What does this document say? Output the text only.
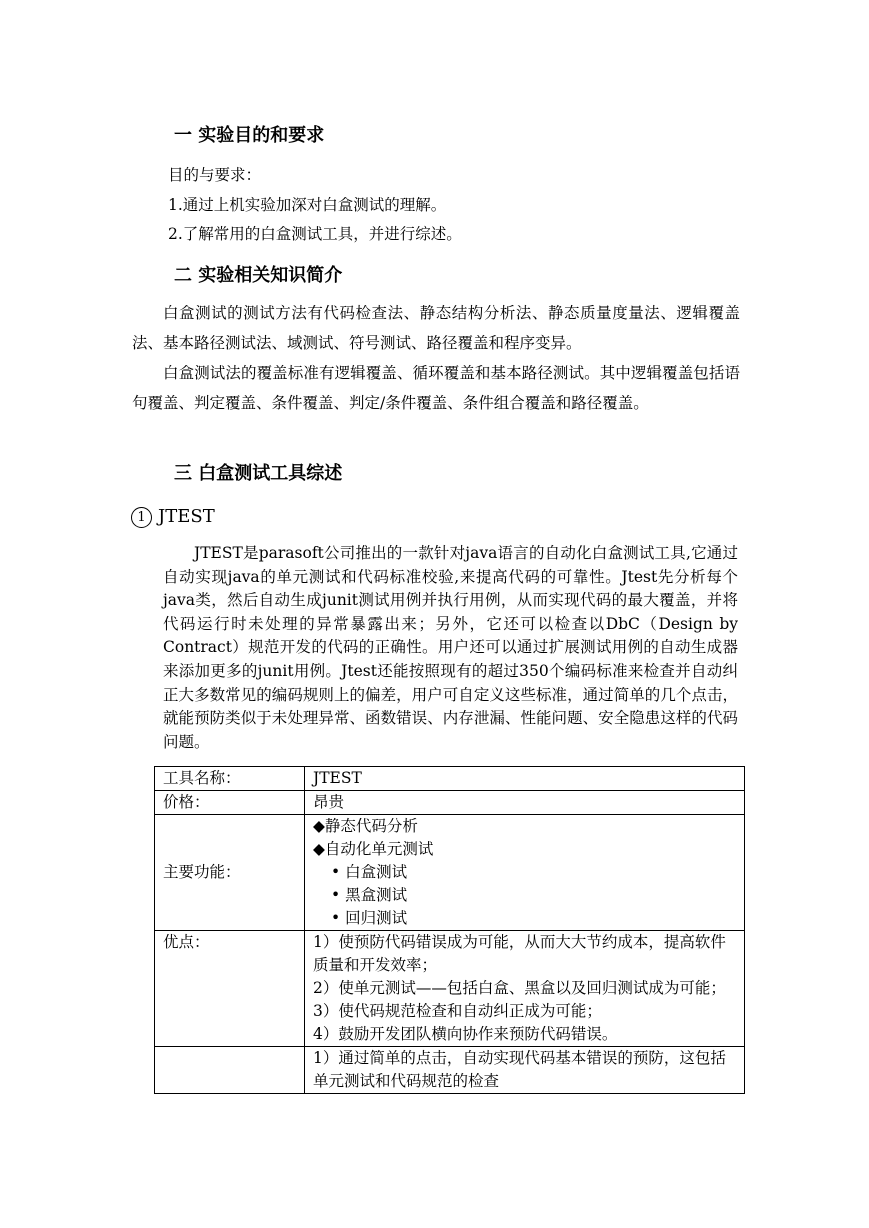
一 实验目的和要求
目的与要求：
1.通过上机实验加深对白盒测试的理解。
2.了解常用的白盒测试工具，并进行综述。
二 实验相关知识简介

白盒测试的测试方法有代码检查法、静态结构分析法、静态质量度量法、逻辑覆盖法、基本路径测试法、域测试、符号测试、路径覆盖和程序变异。

白盒测试法的覆盖标准有逻辑覆盖、循环覆盖和基本路径测试。其中逻辑覆盖包括语句覆盖、判定覆盖、条件覆盖、判定/条件覆盖、条件组合覆盖和路径覆盖。

三 白盒测试工具综述
1 JTEST

JTEST是parasoft公司推出的一款针对java语言的自动化白盒测试工具,它通过自动实现java的单元测试和代码标准校验,来提高代码的可靠性。Jtest先分析每个java类，然后自动生成junit测试用例并执行用例，从而实现代码的最大覆盖，并将代码运行时未处理的异常暴露出来；另外，它还可以检查以DbC（Design by Contract）规范开发的代码的正确性。用户还可以通过扩展测试用例的自动生成器来添加更多的junit用例。Jtest还能按照现有的超过350个编码标准来检查并自动纠正大多数常见的编码规则上的偏差，用户可自定义这些标准，通过简单的几个点击，就能预防类似于未处理异常、函数错误、内存泄漏、性能问题、安全隐患这样的代码问题。

工具名称：	JTEST
价格：	昂贵
主要功能：	◆静态代码分析
◆自动化单元测试
• 白盒测试
• 黑盒测试
• 回归测试

优点：	1）使预防代码错误成为可能，从而大大节约成本，提高软件质量和开发效率；
2）使单元测试——包括白盒、黑盒以及回归测试成为可能；
3）使代码规范检查和自动纠正成为可能；
4）鼓励开发团队横向协作来预防代码错误。

	1）通过简单的点击，自动实现代码基本错误的预防，这包括单元测试和代码规范的检查
